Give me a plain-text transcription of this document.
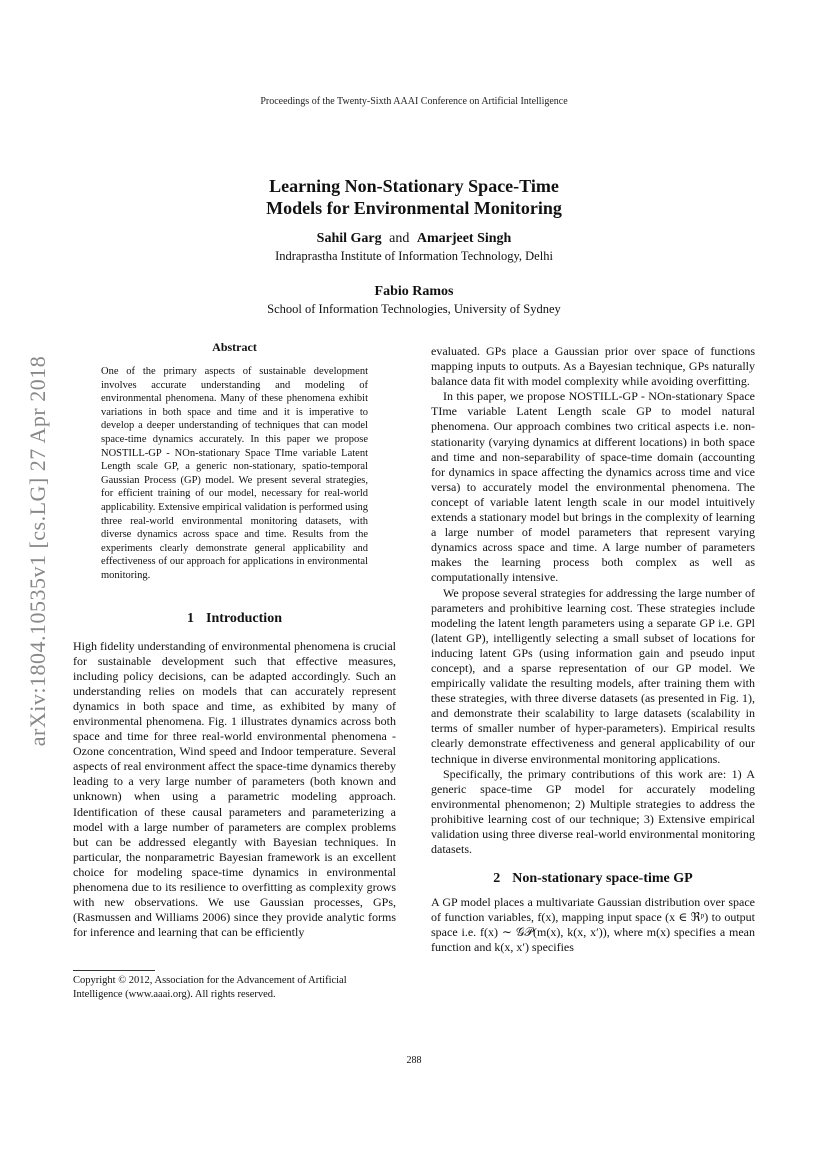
Proceedings of the Twenty-Sixth AAAI Conference on Artificial Intelligence
arXiv:1804.10535v1 [cs.LG] 27 Apr 2018
Learning Non-Stationary Space-Time
Models for Environmental Monitoring
Sahil Garg and Amarjeet Singh
Indraprastha Institute of Information Technology, Delhi
Fabio Ramos
School of Information Technologies, University of Sydney
Abstract

One of the primary aspects of sustainable development involves accurate understanding and modeling of environmental phenomena. Many of these phenomena exhibit variations in both space and time and it is imperative to develop a deeper understanding of techniques that can model space-time dynamics accurately. In this paper we propose NOSTILL-GP - NOn-stationary Space TIme variable Latent Length scale GP, a generic non-stationary, spatio-temporal Gaussian Process (GP) model. We present several strategies, for efficient training of our model, necessary for real-world applicability. Extensive empirical validation is performed using three real-world environmental monitoring datasets, with diverse dynamics across space and time. Results from the experiments clearly demonstrate general applicability and effectiveness of our approach for applications in environmental monitoring.

1 Introduction

High fidelity understanding of environmental phenomena is crucial for sustainable development such that effective measures, including policy decisions, can be adapted accordingly. Such an understanding relies on models that can accurately represent dynamics in both space and time, as exhibited by many of environmental phenomena. Fig. 1 illustrates dynamics across both space and time for three real-world environmental phenomena - Ozone concentration, Wind speed and Indoor temperature. Several aspects of real environment affect the space-time dynamics thereby leading to a very large number of parameters (both known and unknown) when using a parametric modeling approach. Identification of these causal parameters and parameterizing a model with a large number of parameters are complex problems but can be addressed elegantly with Bayesian techniques. In particular, the nonparametric Bayesian framework is an excellent choice for modeling space-time dynamics in environmental phenomena due to its resilience to overfitting as complexity grows with new observations. We use Gaussian processes, GPs, (Rasmussen and Williams 2006) since they provide analytic forms for inference and learning that can be efficiently

Copyright © 2012, Association for the Advancement of Artificial Intelligence (www.aaai.org). All rights reserved.

evaluated. GPs place a Gaussian prior over space of functions mapping inputs to outputs. As a Bayesian technique, GPs naturally balance data fit with model complexity while avoiding overfitting.

In this paper, we propose NOSTILL-GP - NOn-stationary Space TIme variable Latent Length scale GP to model natural phenomena. Our approach combines two critical aspects i.e. non-stationarity (varying dynamics at different locations) in both space and time and non-separability of space-time domain (accounting for dynamics in space affecting the dynamics across time and vice versa) to accurately model the environmental phenomena. The concept of variable latent length scale in our model intuitively extends a stationary model but brings in the complexity of learning a large number of model parameters that represent varying dynamics across space and time. A large number of parameters makes the learning process both complex as well as computationally intensive.

We propose several strategies for addressing the large number of parameters and prohibitive learning cost. These strategies include modeling the latent length parameters using a separate GP i.e. GPl (latent GP), intelligently selecting a small subset of locations for inducing latent GPs (using information gain and pseudo input concept), and a sparse representation of our GP model. We empirically validate the resulting models, after training them with these strategies, with three diverse datasets (as presented in Fig. 1), and demonstrate their scalability to large datasets (scalability in terms of smaller number of hyper-parameters). Empirical results clearly demonstrate effectiveness and general applicability of our technique in diverse environmental monitoring applications.

Specifically, the primary contributions of this work are: 1) A generic space-time GP model for accurately modeling environmental phenomenon; 2) Multiple strategies to address the prohibitive learning cost of our technique; 3) Extensive empirical validation using three diverse real-world environmental monitoring datasets.

2 Non-stationary space-time GP

A GP model places a multivariate Gaussian distribution over space of function variables, f(x), mapping input space (x ∈ ℜᵖ) to output space i.e. f(x) ∼ 𝒢𝒫(m(x), k(x, x′)), where m(x) specifies a mean function and k(x, x′) specifies

288
